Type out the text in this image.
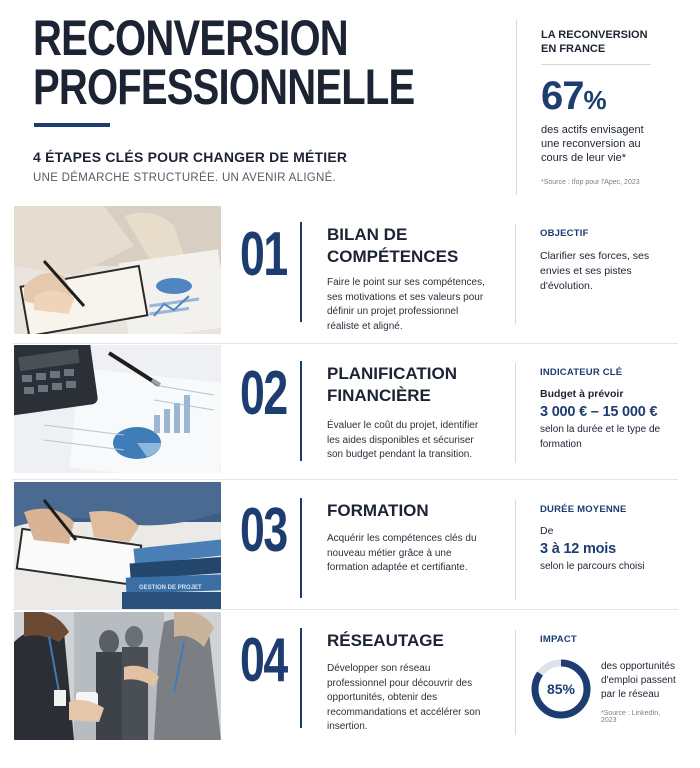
RECONVERSION
PROFESSIONNELLE
4 ÉTAPES CLÉS POUR CHANGER DE MÉTIER
UNE DÉMARCHE STRUCTURÉE. UN AVENIR ALIGNÉ.
LA RECONVERSION EN FRANCE
67%
des actifs envisagent une reconversion au cours de leur vie*
*Source : Ifop pour l'Apec, 2023
01 BILAN DE COMPÉTENCES
Faire le point sur ses compétences, ses motivations et ses valeurs pour définir un projet professionnel réaliste et aligné.
OBJECTIF
Clarifier ses forces, ses envies et ses pistes d'évolution.
02 PLANIFICATION FINANCIÈRE
Évaluer le coût du projet, identifier les aides disponibles et sécuriser son budget pendant la transition.
INDICATEUR CLÉ
Budget à prévoir
3 000 € – 15 000 €
selon la durée et le type de formation
GESTION DE PROJET
03 FORMATION
Acquérir les compétences clés du nouveau métier grâce à une formation adaptée et certifiante.
DURÉE MOYENNE
De
3 à 12 mois
selon le parcours choisi
04 RÉSEAUTAGE
Développer son réseau professionnel pour découvrir des opportunités, obtenir des recommandations et accélérer son insertion.
IMPACT
85%
des opportunités d'emploi passent par le réseau
*Source : LinkedIn, 2023
